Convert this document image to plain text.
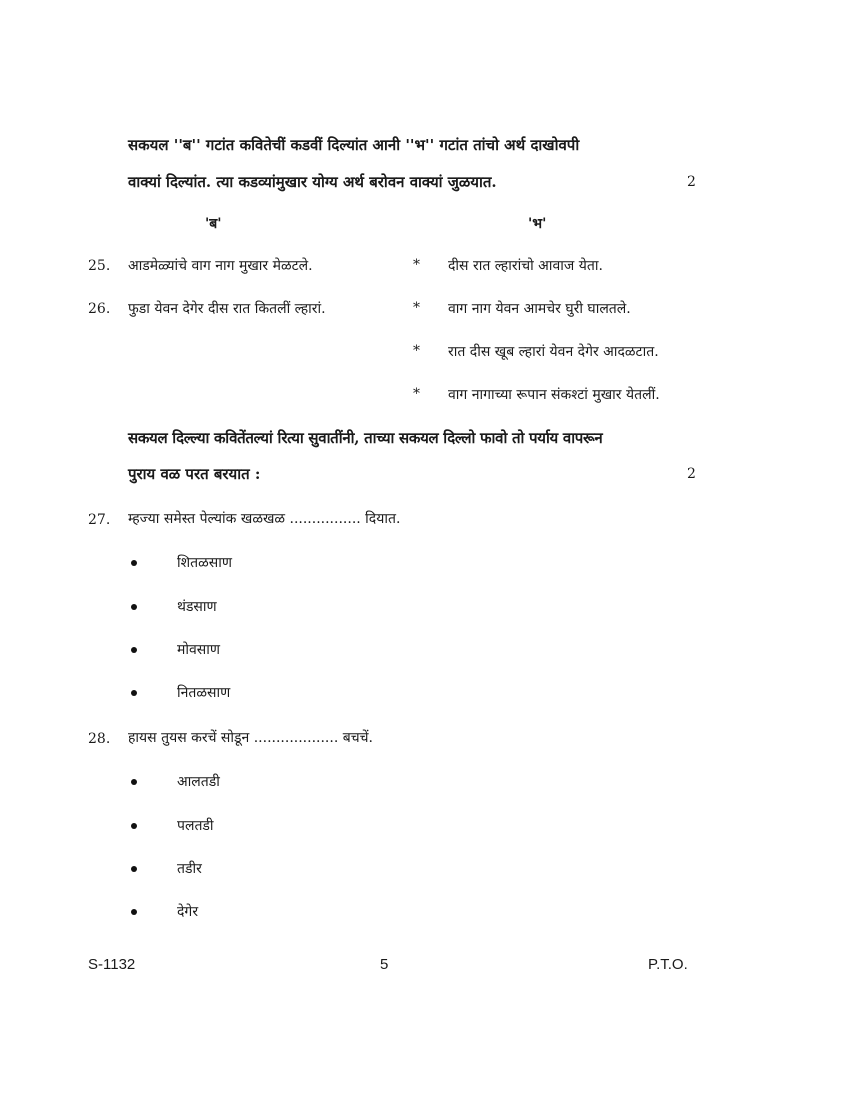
सकयल ''ब'' गटांत कवितेचीं कडवीं दिल्यांत आनी ''भ'' गटांत तांचो अर्थ दाखोवपी
वाक्यां दिल्यांत. त्या कडव्यांमुखार योग्य अर्थ बरोवन वाक्यां जुळयात.	2
'ब'	'भ'
25. आडमेळ्यांचे वाग नाग मुखार मेळटले.
26. फुडा येवन देगेर दीस रात कितलीं ल्हारां.
* दीस रात ल्हारांचो आवाज येता.
* वाग नाग येवन आमचेर घुरी घालतले.
* रात दीस खूब ल्हारां येवन देगेर आदळटात.
* वाग नागाच्या रूपान संकश्टां मुखार येतलीं.
सकयल दिल्ल्या कवितेंतल्यां रित्या सुवातींनी, ताच्या सकयल दिल्लो फावो तो पर्याय वापरून
पुराय वळ परत बरयात :	2
27. म्हज्या समेस्त पेल्यांक खळखळ ................ दियात.
शितळसाण
थंडसाण
मोवसाण
नितळसाण
28. हायस तुयस करचें सोडून ................... बचचें.
आलतडी
पलतडी
तडीर
देगेर
S-1132	5	P.T.O.
